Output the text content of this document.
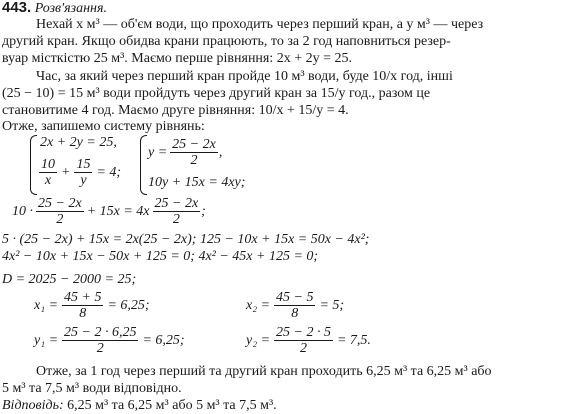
443. Розв'язання.
Нехай x м³ — об'єм води, що проходить через перший кран, а y м³ — через
другий кран. Якщо обидва крани працюють, то за 2 год наповниться резер-
вуар місткістю 25 м³. Маємо перше рівняння: 2x + 2y = 25.
Час, за який через перший кран пройде 10 м³ води, буде 10/x год, інші
(25 − 10) = 15 м³ води пройдуть через другий кран за 15/y год., разом це
становитиме 4 год. Маємо друге рівняння: 10/x + 15/y = 4.
Отже, запишемо систему рівнянь:
2x + 2y = 25,
$\frac{10}{x} + \frac{15}{y} = 4$;
$y = \frac{25 - 2x}{2}$ ,
10y + 15x = 4xy;
$10 \cdot \frac{25 - 2x}{2} + 15x = 4x \frac{25 - 2x}{2}$ ;
5 · (25 − 2x) + 15x = 2x(25 − 2x); 125 − 10x + 15x = 50x − 4x²;
4x² − 10x + 15x − 50x + 125 = 0; 4x² − 45x + 125 = 0;
D = 2025 − 2000 = 25;
$x_1 = \frac{45 + 5}{8} = 6,25$;	$x_2 = \frac{45 - 5}{8} = 5$;
$y_1 = \frac{25 - 2 \cdot 6,25}{2} = 6,25$;	$y_2 = \frac{25 - 2 \cdot 5}{2} = 7,5$.
Отже, за 1 год через перший та другий кран проходить 6,25 м³ та 6,25 м³ або
5 м³ та 7,5 м³ води відповідно.
Відповідь: 6,25 м³ та 6,25 м³ або 5 м³ та 7,5 м³.
